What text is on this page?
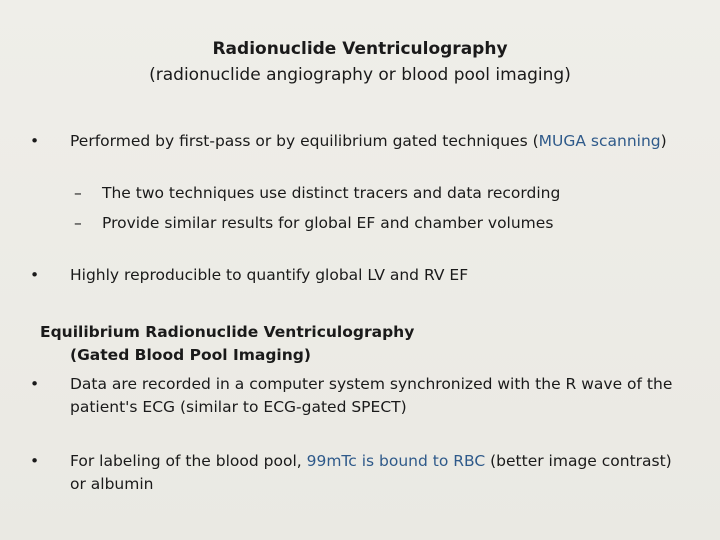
Radionuclide Ventriculography
(radionuclide angiography or blood pool imaging)
•	Performed by first-pass or by equilibrium gated techniques (MUGA scanning)
–	The two techniques use distinct tracers and data recording
–	Provide similar results for global EF and chamber volumes
•	Highly reproducible to quantify global LV and RV EF
Equilibrium Radionuclide Ventriculography
(Gated Blood Pool Imaging)
•	Data are recorded in a computer system synchronized with the R wave of the patient's ECG (similar to ECG-gated SPECT)
•	For labeling of the blood pool, 99mTc is bound to RBC (better image contrast) or albumin
